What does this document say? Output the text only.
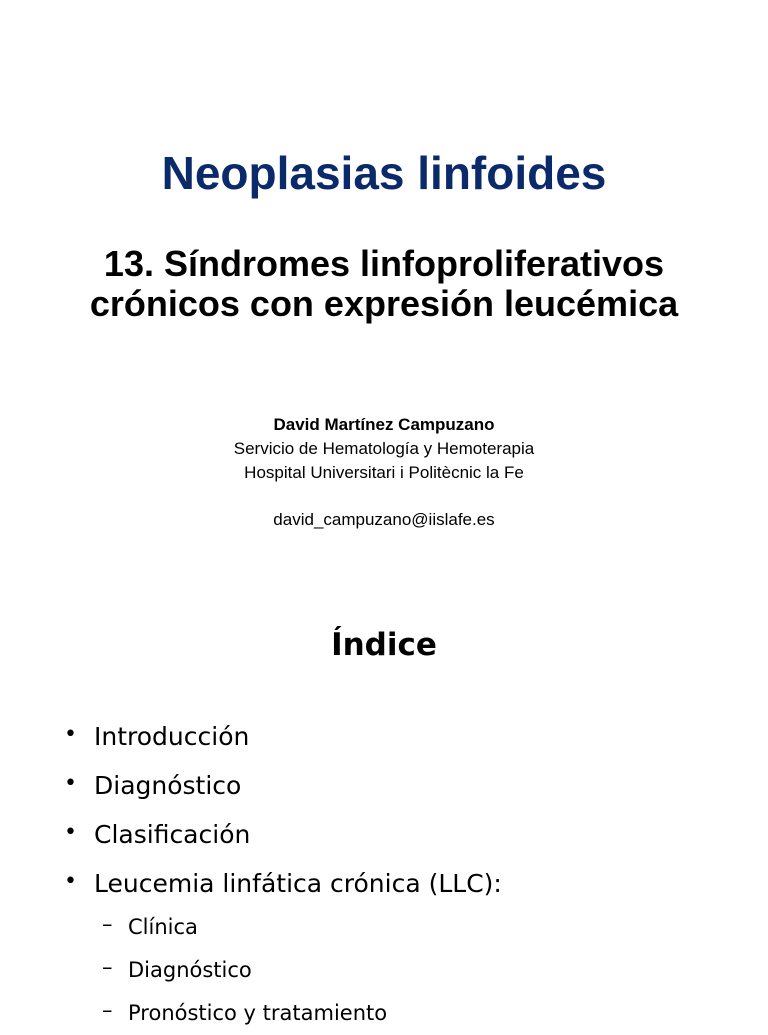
Neoplasias linfoides
13. Síndromes linfoproliferativos
crónicos con expresión leucémica
David Martínez Campuzano
Servicio de Hematología y Hemoterapia
Hospital Universitari i Politècnic la Fe
david_campuzano@iislafe.es
Índice
• Introducción
• Diagnóstico
• Clasificación
• Leucemia linfática crónica (LLC):
– Clínica
– Diagnóstico
– Pronóstico y tratamiento
